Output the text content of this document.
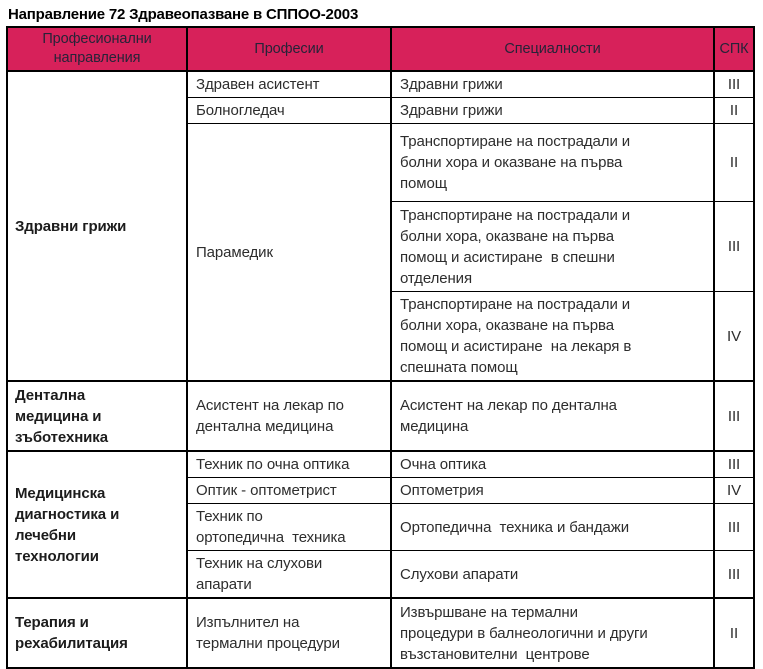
Направление 72 Здравеопазване в СППОО-2003
Професионални направления	Професии	Специалности	СПК
Здравни грижи	Здравен асистент	Здравни грижи	III
	Болногледач	Здравни грижи	II
	Парамедик	Транспортиране на пострадали и болни хора и оказване на първа помощ	II
		Транспортиране на пострадали и болни хора, оказване на първа помощ и асистиране  в спешни отделения	III
		Транспортиране на пострадали и болни хора, оказване на първа помощ и асистиране  на лекаря в спешната помощ	IV
Дентална медицина и зъботехника	Асистент на лекар по дентална медицина	Асистент на лекар по дентална медицина	III
Медицинска диагностика и лечебни технологии	Техник по очна оптика	Очна оптика	III
	Оптик - оптометрист	Оптометрия	IV
	Техник по ортопедична  техника	Ортопедична  техника и бандажи	III
	Техник на слухови апарати	Слухови апарати	III
Терапия и рехабилитация	Изпълнител на термални процедури	Извършване на термални процедури в балнеологични и други възстановителни  центрове	II
